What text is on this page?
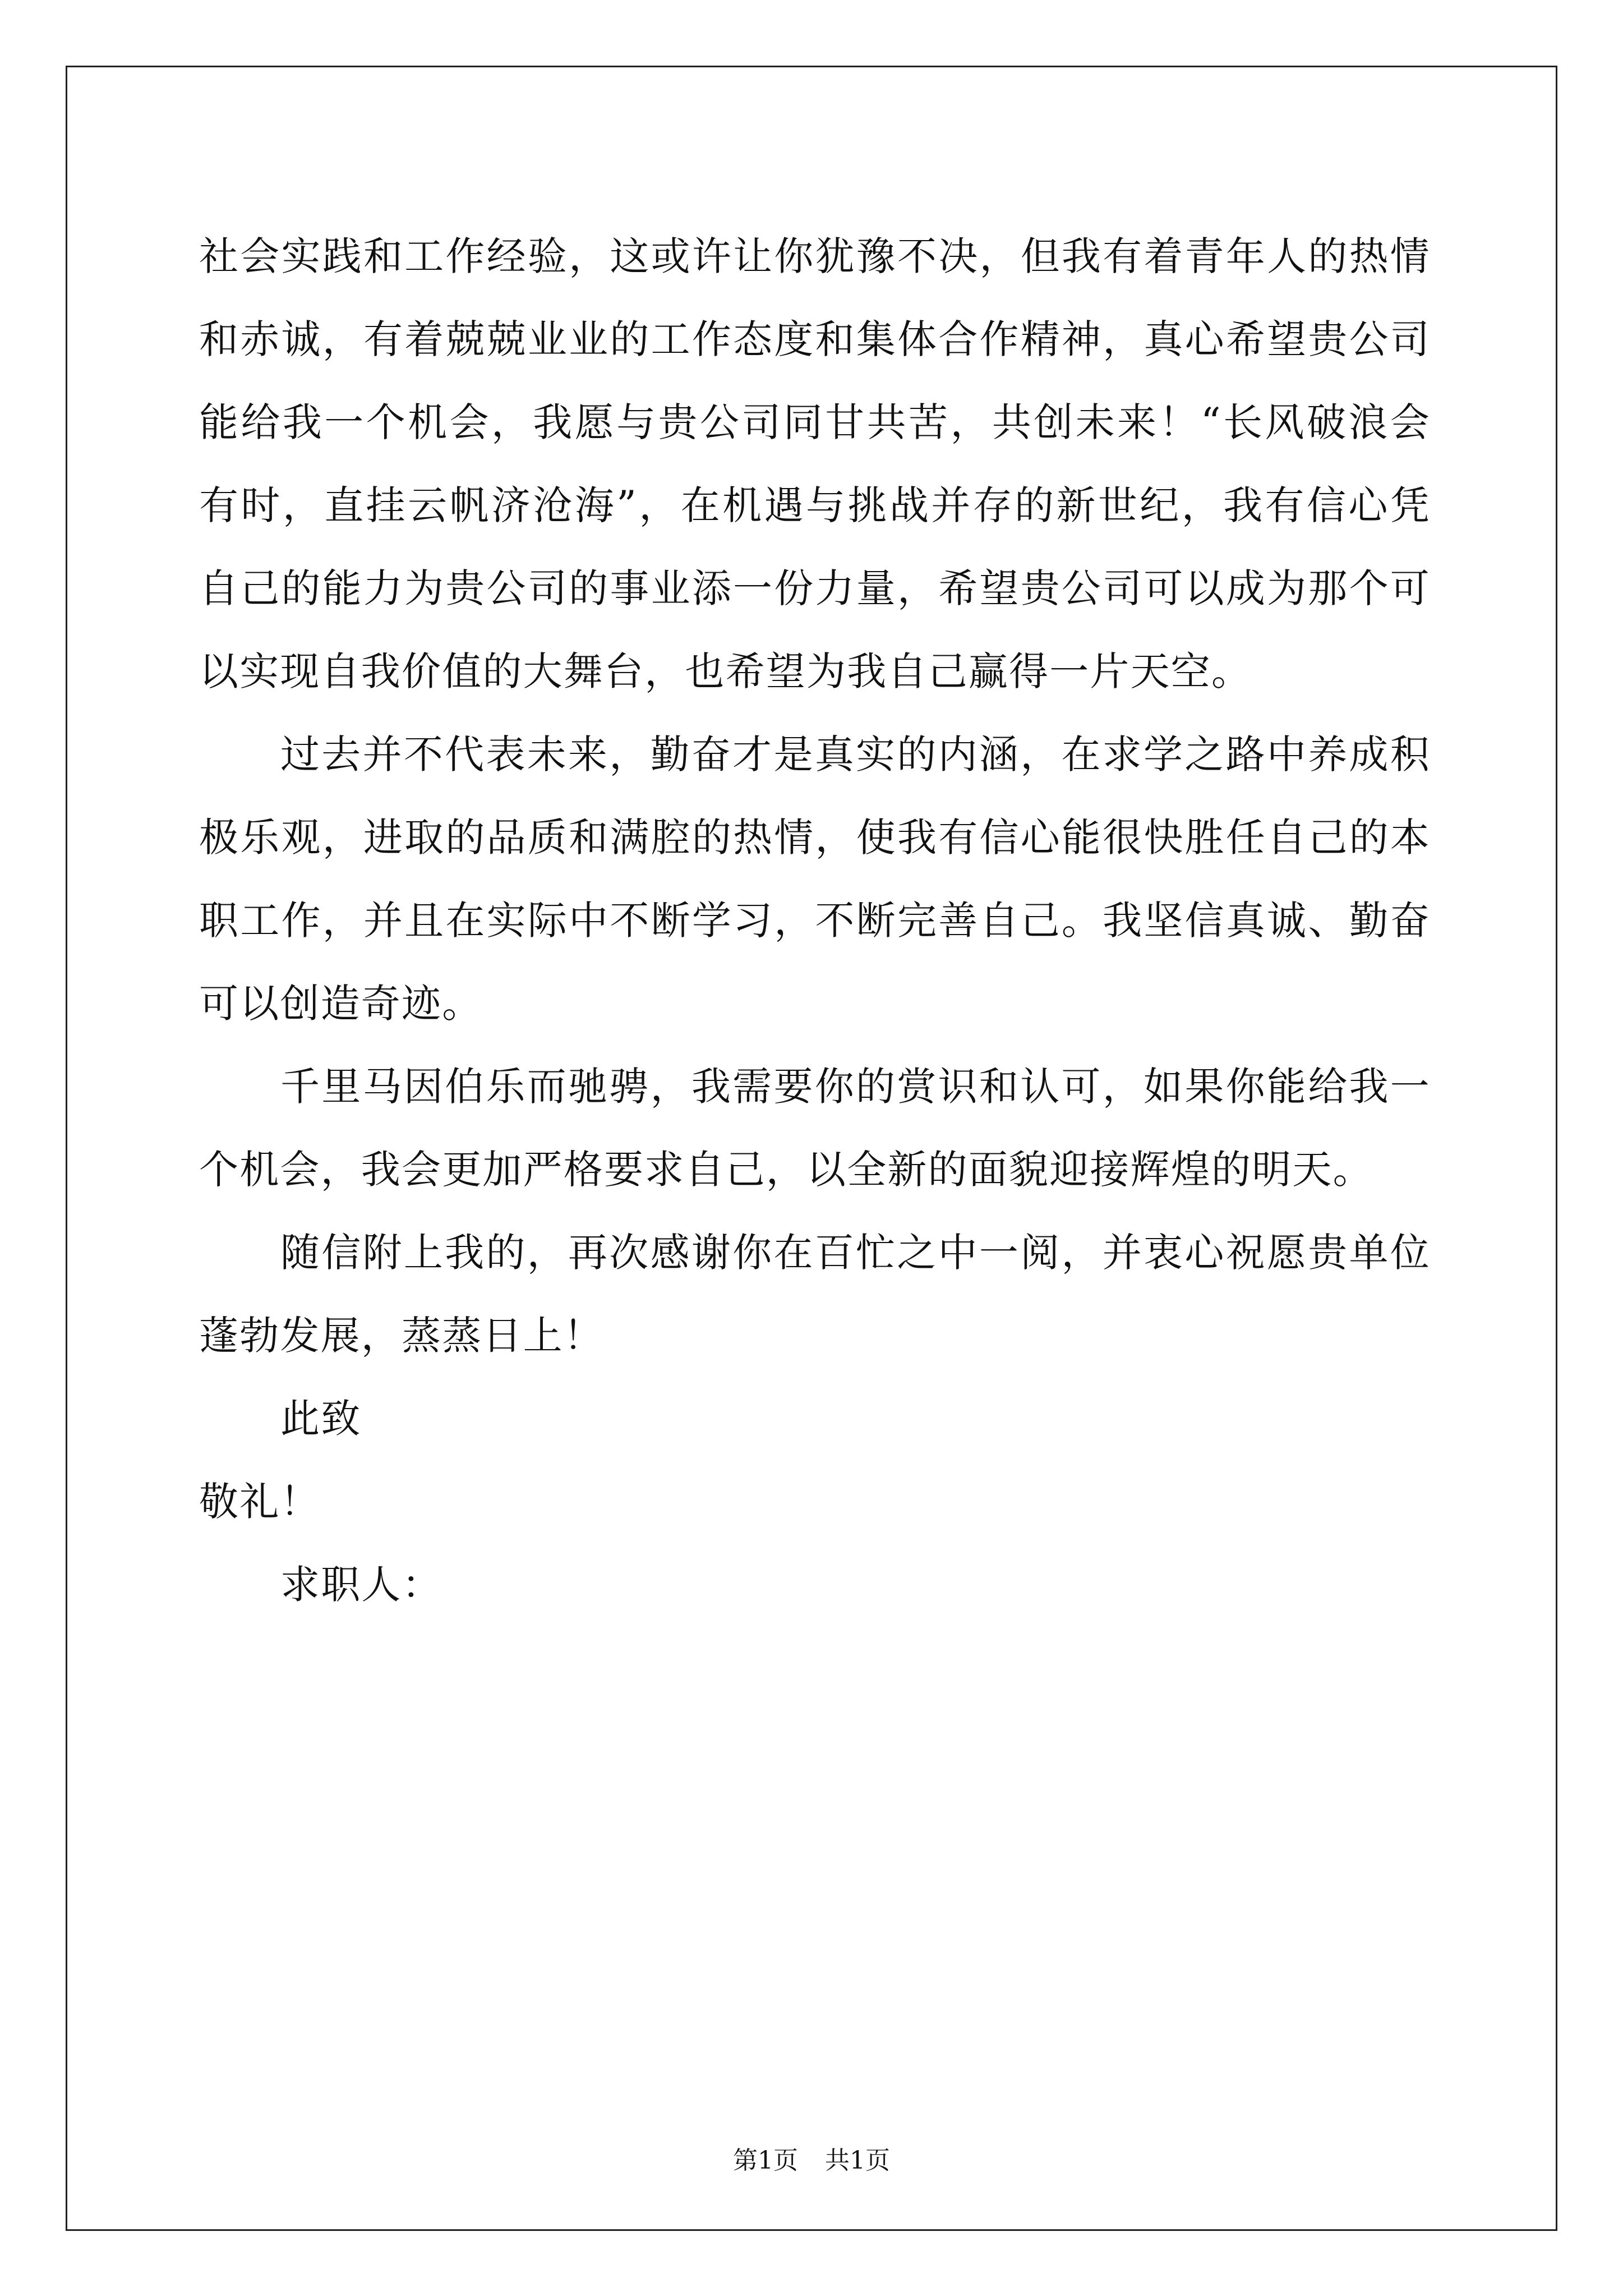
社会实践和工作经验，这或许让你犹豫不决，但我有着青年人的热情和赤诚，有着兢兢业业的工作态度和集体合作精神，真心希望贵公司能给我一个机会，我愿与贵公司同甘共苦，共创未来！“长风破浪会有时，直挂云帆济沧海”，在机遇与挑战并存的新世纪，我有信心凭自己的能力为贵公司的事业添一份力量，希望贵公司可以成为那个可以实现自我价值的大舞台，也希望为我自己赢得一片天空。

过去并不代表未来，勤奋才是真实的内涵，在求学之路中养成积极乐观，进取的品质和满腔的热情，使我有信心能很快胜任自己的本职工作，并且在实际中不断学习，不断完善自己。我坚信真诚、勤奋可以创造奇迹。

千里马因伯乐而驰骋，我需要你的赏识和认可，如果你能给我一个机会，我会更加严格要求自己，以全新的面貌迎接辉煌的明天。

随信附上我的，再次感谢你在百忙之中一阅，并衷心祝愿贵单位蓬勃发展，蒸蒸日上！

此致

敬礼！

求职人：

第1页 共1页
